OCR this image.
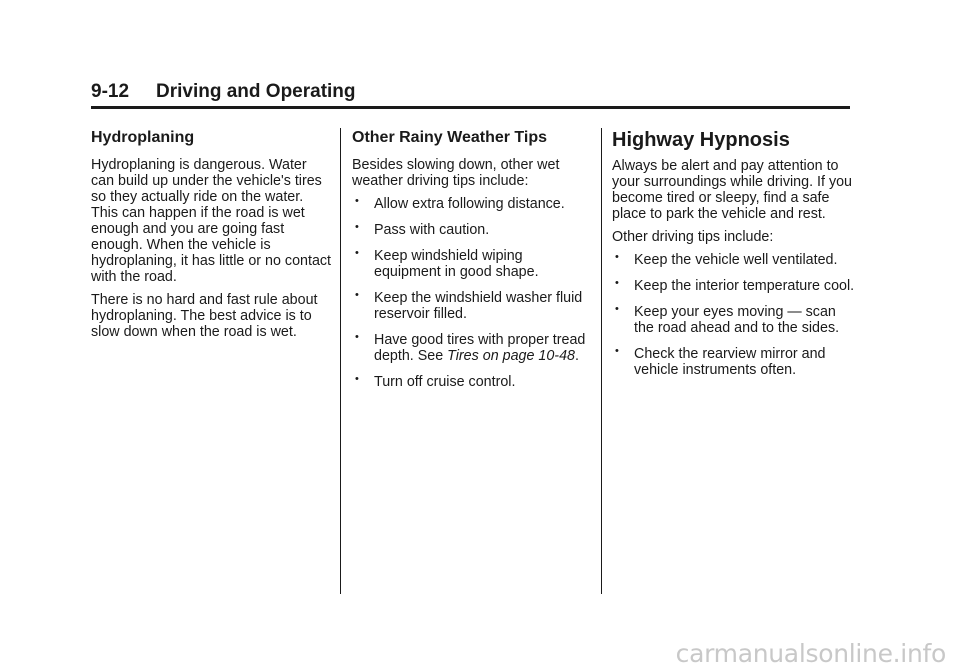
9-12 Driving and Operating
Hydroplaning

Hydroplaning is dangerous. Water can build up under the vehicle's tires so they actually ride on the water. This can happen if the road is wet enough and you are going fast enough. When the vehicle is hydroplaning, it has little or no contact with the road.

There is no hard and fast rule about hydroplaning. The best advice is to slow down when the road is wet.

Other Rainy Weather Tips

Besides slowing down, other wet weather driving tips include:

• Allow extra following distance.
• Pass with caution.
• Keep windshield wiping equipment in good shape.
• Keep the windshield washer fluid reservoir filled.
• Have good tires with proper tread depth. See Tires on page 10-48.
• Turn off cruise control.
Highway Hypnosis

Always be alert and pay attention to your surroundings while driving. If you become tired or sleepy, find a safe place to park the vehicle and rest.

Other driving tips include:

• Keep the vehicle well ventilated.
• Keep the interior temperature cool.
• Keep your eyes moving — scan the road ahead and to the sides.
• Check the rearview mirror and vehicle instruments often.
carmanualsonline.info
